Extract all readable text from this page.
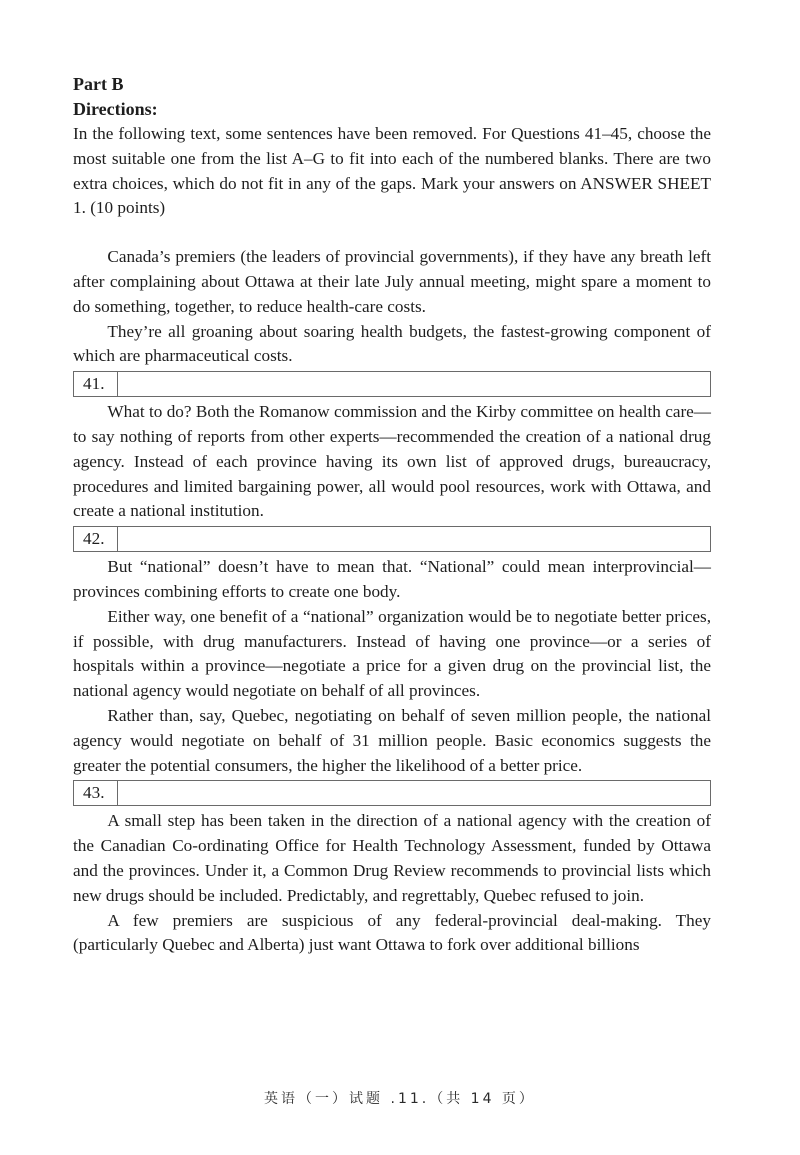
Part B

Directions:

In the following text, some sentences have been removed. For Questions 41–45, choose the most suitable one from the list A–G to fit into each of the numbered blanks. There are two extra choices, which do not fit in any of the gaps. Mark your answers on ANSWER SHEET 1. (10 points)

Canada’s premiers (the leaders of provincial governments), if they have any breath left after complaining about Ottawa at their late July annual meeting, might spare a moment to do something, together, to reduce health-care costs.

They’re all groaning about soaring health budgets, the fastest-growing component of which are pharmaceutical costs.

41.

What to do? Both the Romanow commission and the Kirby committee on health care—to say nothing of reports from other experts—recommended the creation of a national drug agency. Instead of each province having its own list of approved drugs, bureaucracy, procedures and limited bargaining power, all would pool resources, work with Ottawa, and create a national institution.

42.

But “national” doesn’t have to mean that. “National” could mean interprovincial—provinces combining efforts to create one body.

Either way, one benefit of a “national” organization would be to negotiate better prices, if possible, with drug manufacturers. Instead of having one province—or a series of hospitals within a province—negotiate a price for a given drug on the provincial list, the national agency would negotiate on behalf of all provinces.

Rather than, say, Quebec, negotiating on behalf of seven million people, the national agency would negotiate on behalf of 31 million people. Basic economics suggests the greater the potential consumers, the higher the likelihood of a better price.

43.

A small step has been taken in the direction of a national agency with the creation of the Canadian Co-ordinating Office for Health Technology Assessment, funded by Ottawa and the provinces. Under it, a Common Drug Review recommends to provincial lists which new drugs should be included. Predictably, and regrettably, Quebec refused to join.

A few premiers are suspicious of any federal-provincial deal-making. They (particularly Quebec and Alberta) just want Ottawa to fork over additional billions

英语（一）试题 .11.（共 14 页）
